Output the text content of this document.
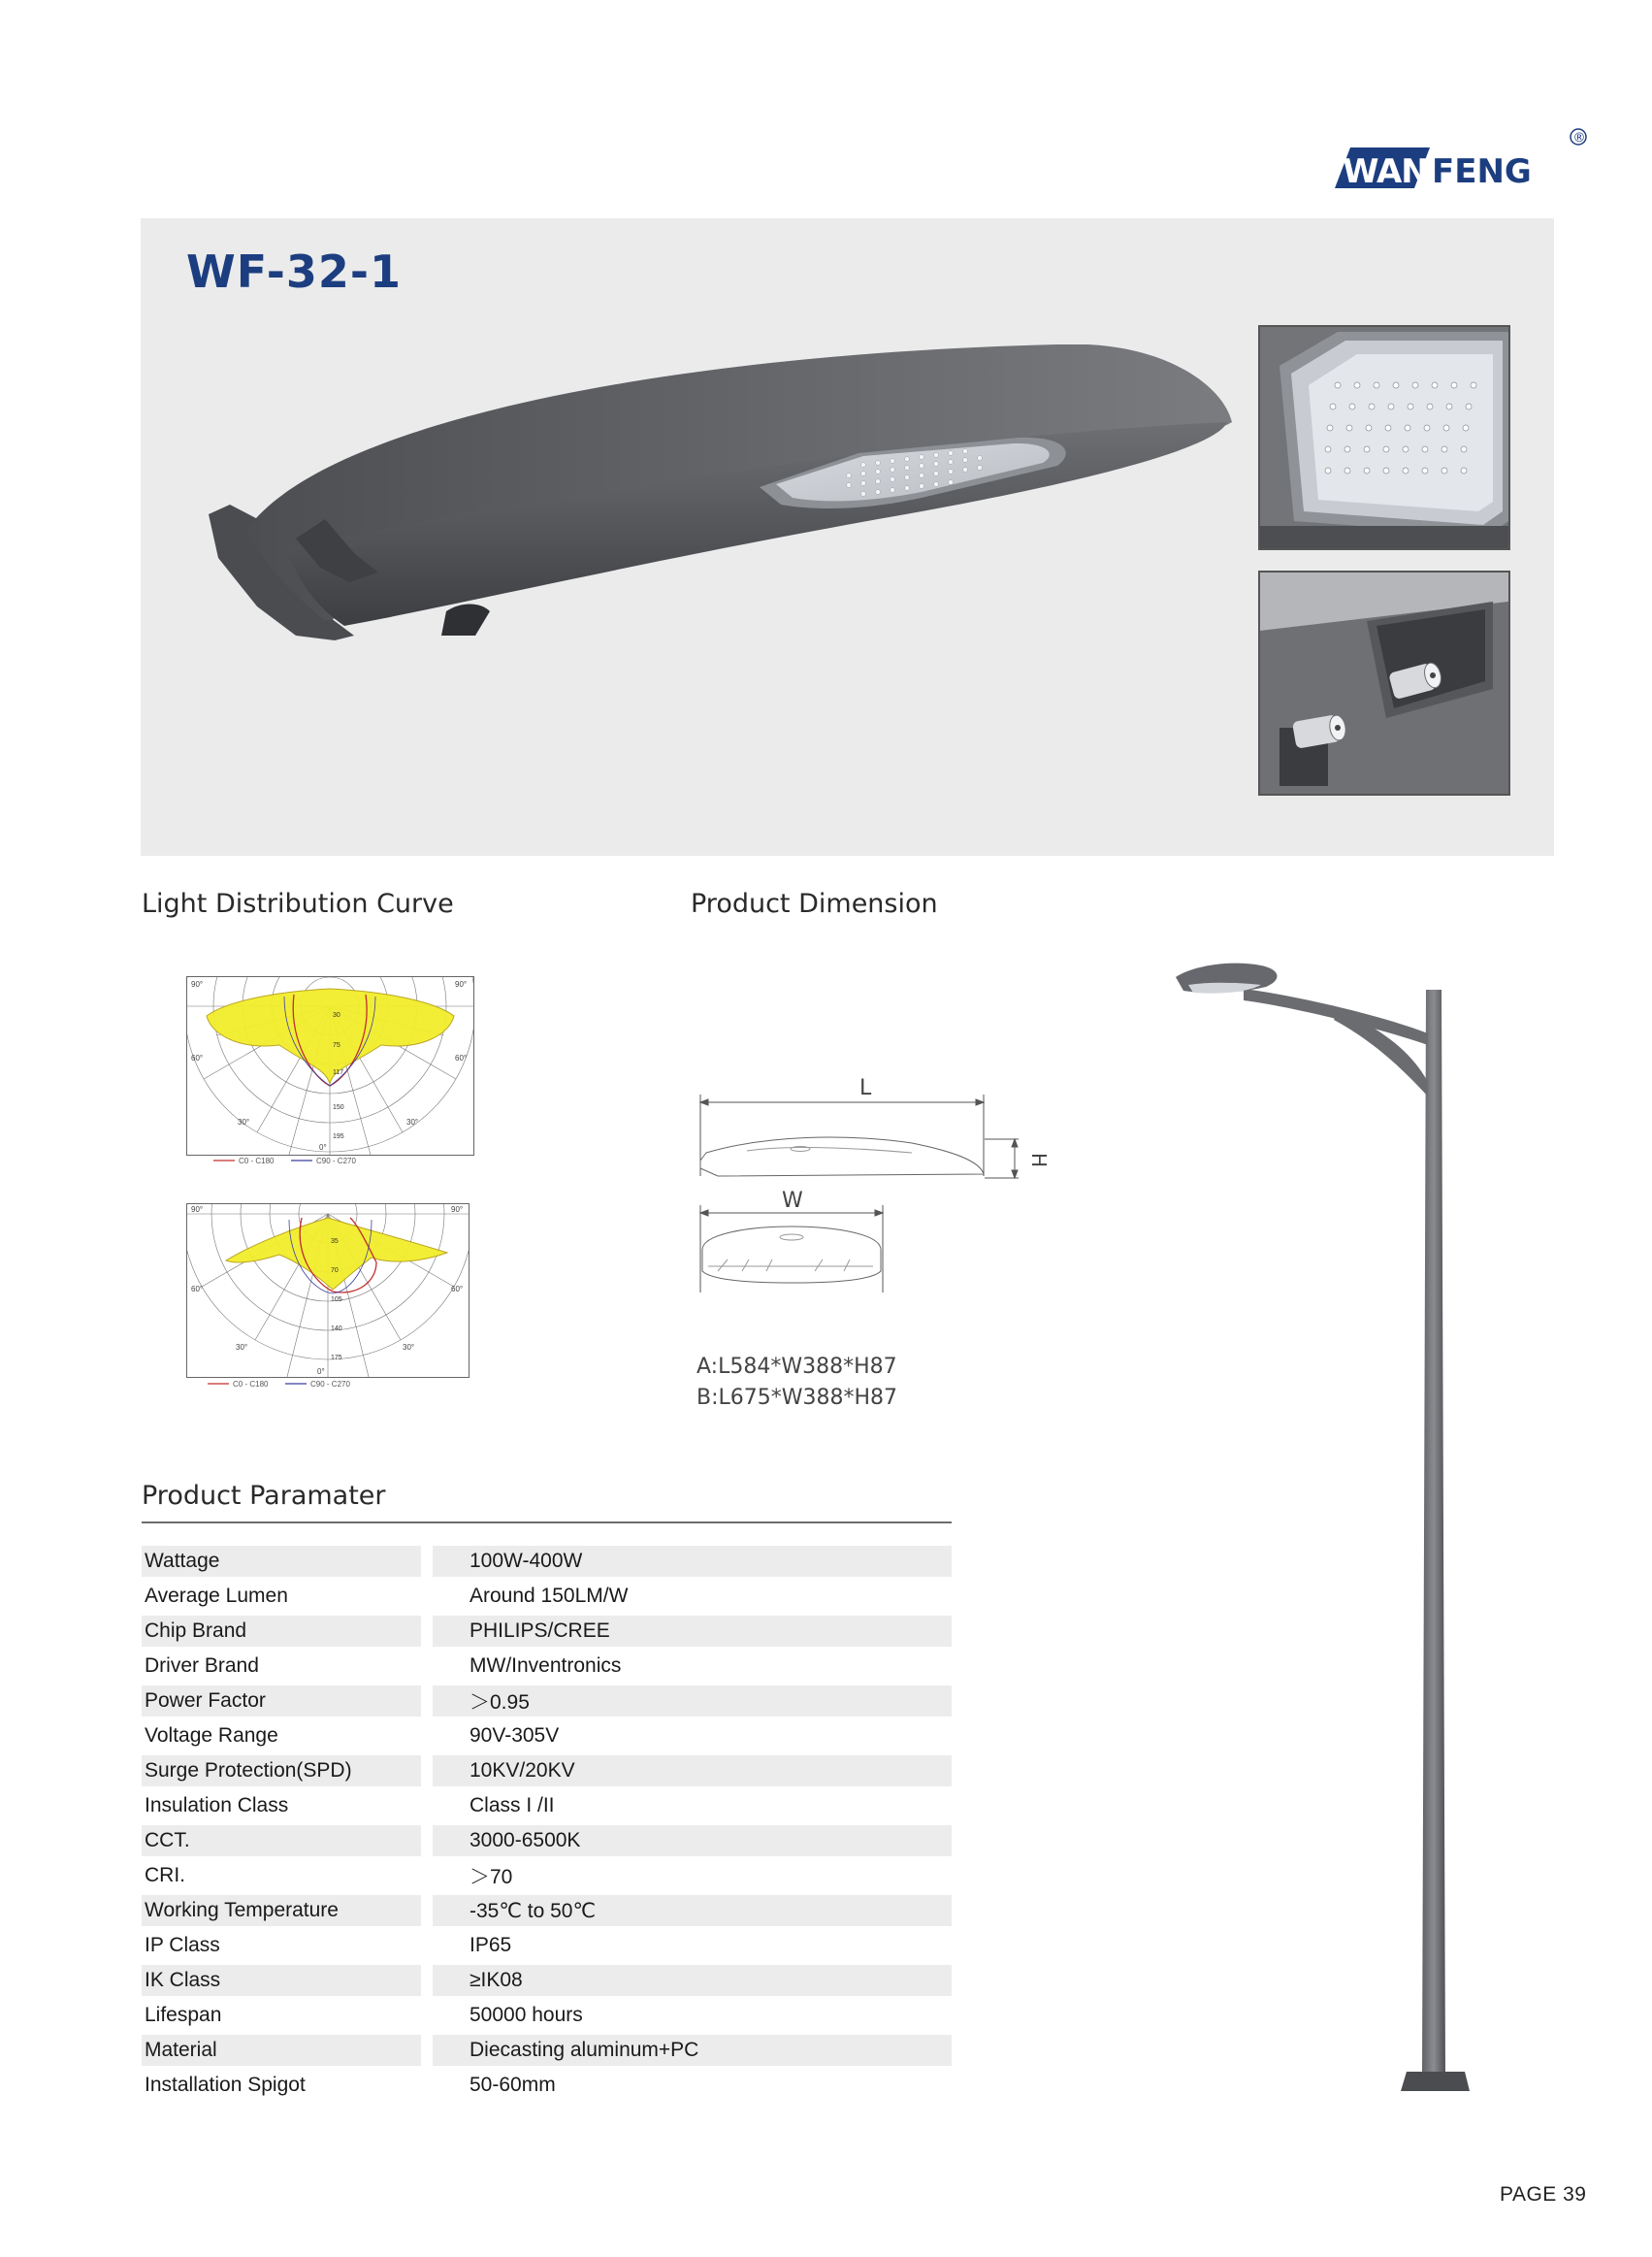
WAN FENG
®
WF-32-1
Light Distribution Curve	Product Dimension
90°	90°
60°	60°
30°	30°
0°
30
75
117
150
195
C0 - C180	C90 - C270
90°	90°
60°	60°
30°	30°
0°
35
70
105
140
175
C0 - C180	C90 - C270
L
H
W
A:L584*W388*H87
B:L675*W388*H87
Product Paramater
Wattage	100W-400W
Average Lumen	Around 150LM/W
Chip Brand	PHILIPS/CREE
Driver Brand	MW/Inventronics
Power Factor	＞0.95
Voltage Range	90V-305V
Surge Protection(SPD)	10KV/20KV
Insulation Class	Class I /II
CCT.	3000-6500K
CRI.	＞70
Working Temperature	-35℃ to 50℃
IP Class	IP65
IK Class	≥IK08
Lifespan	50000 hours
Material	Diecasting aluminum+PC
Installation Spigot	50-60mm
PAGE 39
